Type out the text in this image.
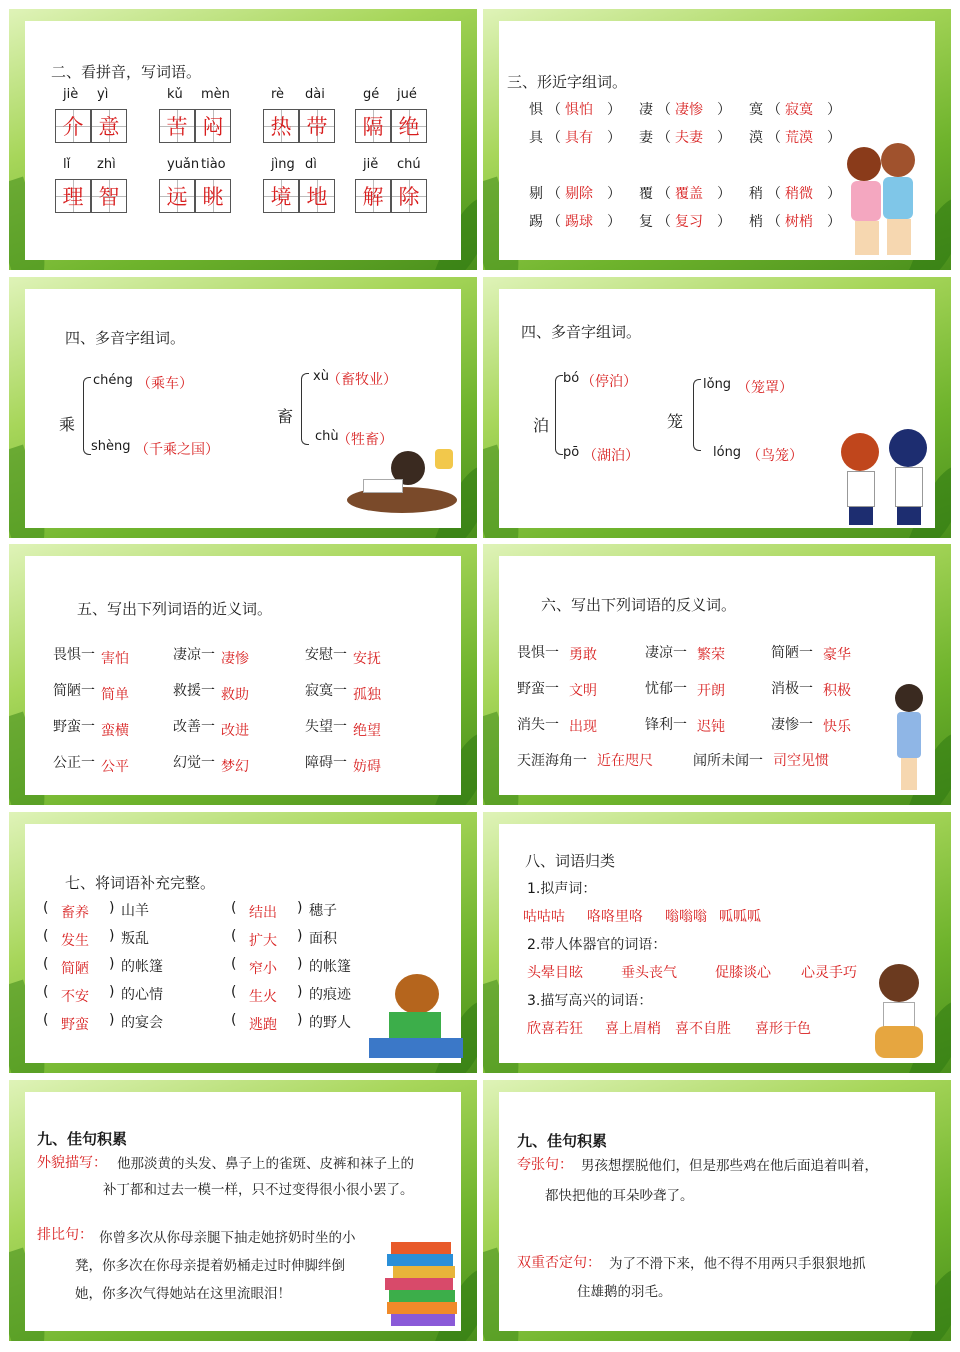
二、看拼音，写词语。
jiè yì
介 意
kǔ mèn
苦 闷
rè dài
热 带
gé jué
隔 绝
lǐ zhì
理 智
yuǎn tiào
远 眺
jìng dì
境 地
jiě chú
解 除
三、形近字组词。
惧 （ 惧怕 ） 凄 （ 凄惨 ） 寞 （ 寂寞 ）
具 （ 具有 ） 妻 （ 夫妻 ） 漠 （ 荒漠 ）
剔 （ 剔除 ） 覆 （ 覆盖 ） 稍 （ 稍微 ）
踢 （ 踢球 ） 复 （ 复习 ） 梢 （ 树梢 ）
四、多音字组词。
乘
chéng （乘车）
shèng （千乘之国）
畜
xù
（畜牧业）
chù
（牲畜）
四、多音字组词。
泊
bó （停泊）
pō （湖泊）
笼
lǒng （笼罩）
lóng （鸟笼）
五、写出下列词语的近义词。
畏惧一 害怕	凄凉一 凄惨	安慰一 安抚
简陋一 简单	救援一 救助	寂寞一 孤独
野蛮一 蛮横	改善一 改进	失望一 绝望
公正一 公平	幻觉一 梦幻	障碍一 妨碍
六、写出下列词语的反义词。
畏惧一 勇敢	凄凉一 繁荣	简陋一 豪华
野蛮一 文明	忧郁一 开朗	消极一 积极
消失一 出现	锋利一 迟钝	凄惨一 快乐
天涯海角一 近在咫尺	闻所未闻一 司空见惯
七、将词语补充完整。
( 畜养 ) 山羊
( 发生 ) 叛乱
( 简陋 ) 的帐篷
( 不安 ) 的心情
( 野蛮 ) 的宴会
( 结出 ) 穗子
( 扩大 ) 面积
( 窄小 ) 的帐篷
( 生火 ) 的痕迹
( 逃跑 ) 的野人
八、词语归类
1.拟声词：
咕咕咕 咯咯里咯 嗡嗡嗡 呱呱呱
2.带人体器官的词语：
头晕目眩	垂头丧气	促膝谈心 心灵手巧
3.描写高兴的词语：
欣喜若狂 喜上眉梢 喜不自胜 喜形于色
九、佳句积累
外貌描写： 他那淡黄的头发、鼻子上的雀斑、皮裤和袜子上的
补丁都和过去一模一样，只不过变得很小很小罢了。
排比句： 你曾多次从你母亲腿下抽走她挤奶时坐的小
凳，你多次在你母亲提着奶桶走过时伸脚绊倒
她，你多次气得她站在这里流眼泪！
九、佳句积累
夸张句： 男孩想摆脱他们，但是那些鸡在他后面追着叫着，
都快把他的耳朵吵聋了。
双重否定句： 为了不滑下来，他不得不用两只手狠狠地抓
住雄鹅的羽毛。
